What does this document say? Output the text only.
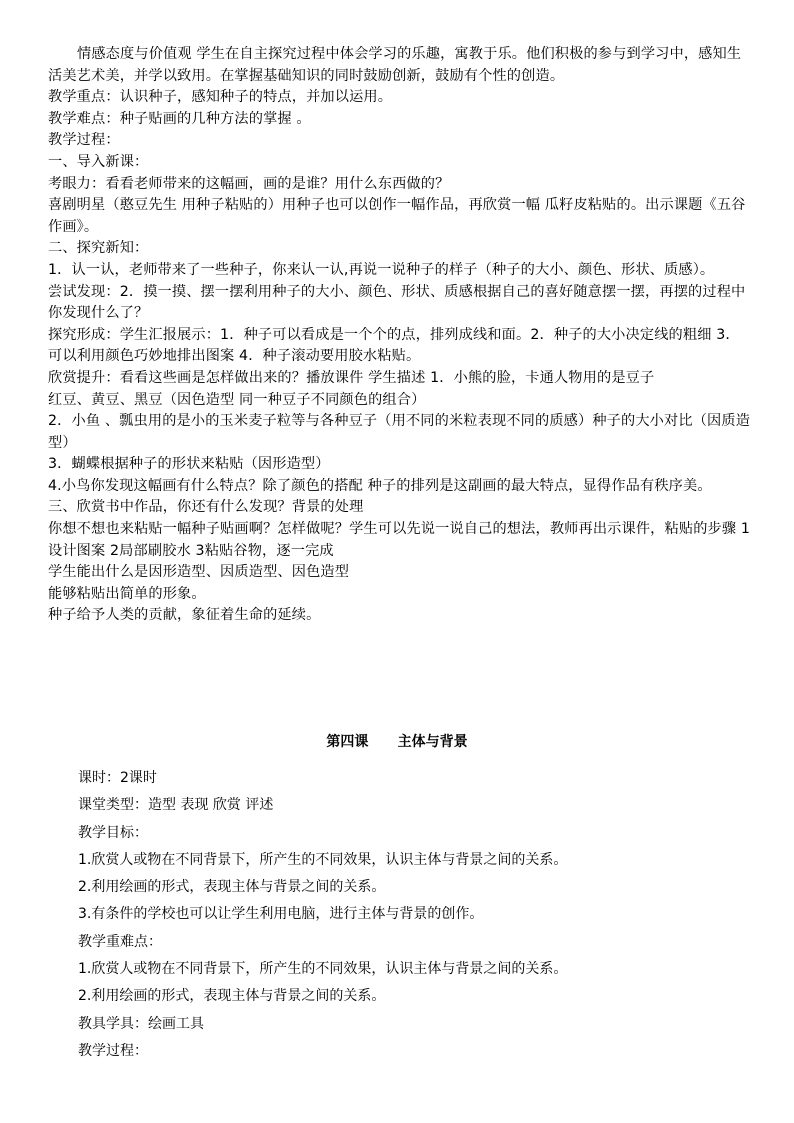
情感态度与价值观 学生在自主探究过程中体会学习的乐趣，寓教于乐。他们积极的参与到学习中，感知生活美艺术美，并学以致用。在掌握基础知识的同时鼓励创新，鼓励有个性的创造。

教学重点：认识种子，感知种子的特点，并加以运用。

教学难点：种子贴画的几种方法的掌握 。

教学过程：

一、导入新课：

考眼力：看看老师带来的这幅画，画的是谁？用什么东西做的？

喜剧明星（憨豆先生 用种子粘贴的）用种子也可以创作一幅作品，再欣赏一幅 瓜籽皮粘贴的。出示课题《五谷作画》。

二、探究新知：

1．认一认，老师带来了一些种子，你来认一认,再说一说种子的样子（种子的大小、颜色、形状、质感）。

尝试发现：2．摸一摸、摆一摆利用种子的大小、颜色、形状、质感根据自己的喜好随意摆一摆，再摆的过程中你发现什么了？

探究形成：学生汇报展示：1．种子可以看成是一个个的点，排列成线和面。2．种子的大小决定线的粗细 3．可以利用颜色巧妙地排出图案 4．种子滚动要用胶水粘贴。

欣赏提升：看看这些画是怎样做出来的？播放课件 学生描述 1．小熊的脸，卡通人物用的是豆子

红豆、黄豆、黑豆（因色造型 同一种豆子不同颜色的组合）

2．小鱼 、瓢虫用的是小的玉米麦子粒等与各种豆子（用不同的米粒表现不同的质感）种子的大小对比（因质造型）

3．蝴蝶根据种子的形状来粘贴（因形造型）

4.小鸟你发现这幅画有什么特点？除了颜色的搭配 种子的排列是这副画的最大特点，显得作品有秩序美。

三、欣赏书中作品，你还有什么发现？背景的处理

你想不想也来粘贴一幅种子贴画啊？怎样做呢？学生可以先说一说自己的想法，教师再出示课件，粘贴的步骤 1设计图案 2局部刷胶水 3粘贴谷物，逐一完成

学生能出什么是因形造型、因质造型、因色造型

能够粘贴出简单的形象。

种子给予人类的贡献，象征着生命的延续。

第四课      主体与背景

课时：2课时

课堂类型：造型 表现 欣赏 评述

教学目标：

1.欣赏人或物在不同背景下，所产生的不同效果，认识主体与背景之间的关系。

2.利用绘画的形式，表现主体与背景之间的关系。

3.有条件的学校也可以让学生利用电脑，进行主体与背景的创作。

教学重难点：

1.欣赏人或物在不同背景下，所产生的不同效果，认识主体与背景之间的关系。

2.利用绘画的形式，表现主体与背景之间的关系。

教具学具：绘画工具

教学过程：
